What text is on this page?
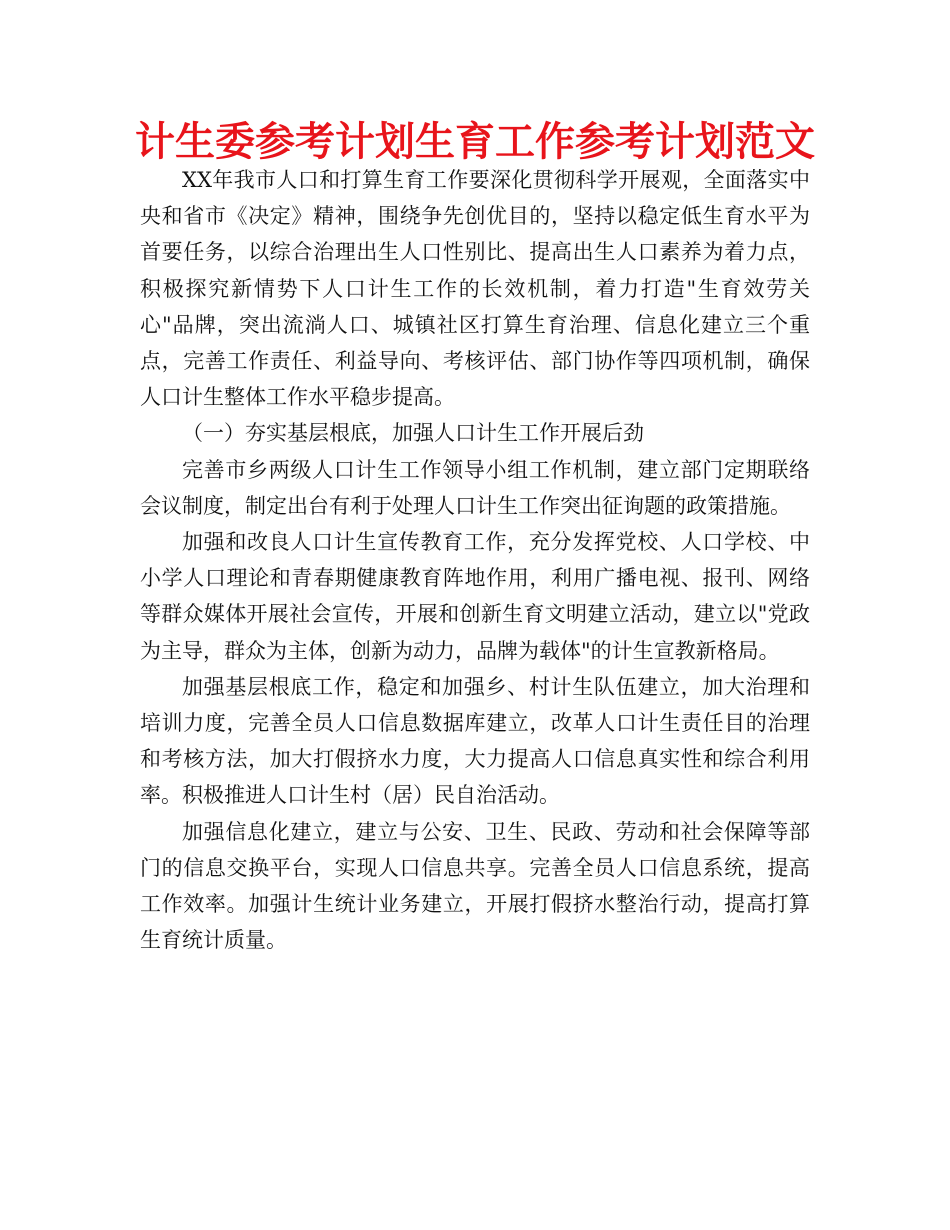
计生委参考计划生育工作参考计划范文

XX年我市人口和打算生育工作要深化贯彻科学开展观，全面落实中央和省市《决定》精神，围绕争先创优目的，坚持以稳定低生育水平为首要任务，以综合治理出生人口性别比、提高出生人口素养为着力点，积极探究新情势下人口计生工作的长效机制，着力打造"生育效劳关心"品牌，突出流淌人口、城镇社区打算生育治理、信息化建立三个重点，完善工作责任、利益导向、考核评估、部门协作等四项机制，确保人口计生整体工作水平稳步提高。

（一）夯实基层根底，加强人口计生工作开展后劲

完善市乡两级人口计生工作领导小组工作机制，建立部门定期联络会议制度，制定出台有利于处理人口计生工作突出征询题的政策措施。

加强和改良人口计生宣传教育工作，充分发挥党校、人口学校、中小学人口理论和青春期健康教育阵地作用，利用广播电视、报刊、网络等群众媒体开展社会宣传，开展和创新生育文明建立活动，建立以"党政为主导，群众为主体，创新为动力，品牌为载体"的计生宣教新格局。

加强基层根底工作，稳定和加强乡、村计生队伍建立，加大治理和培训力度，完善全员人口信息数据库建立，改革人口计生责任目的治理和考核方法，加大打假挤水力度，大力提高人口信息真实性和综合利用率。积极推进人口计生村（居）民自治活动。

加强信息化建立，建立与公安、卫生、民政、劳动和社会保障等部门的信息交换平台，实现人口信息共享。完善全员人口信息系统，提高工作效率。加强计生统计业务建立，开展打假挤水整治行动，提高打算生育统计质量。
